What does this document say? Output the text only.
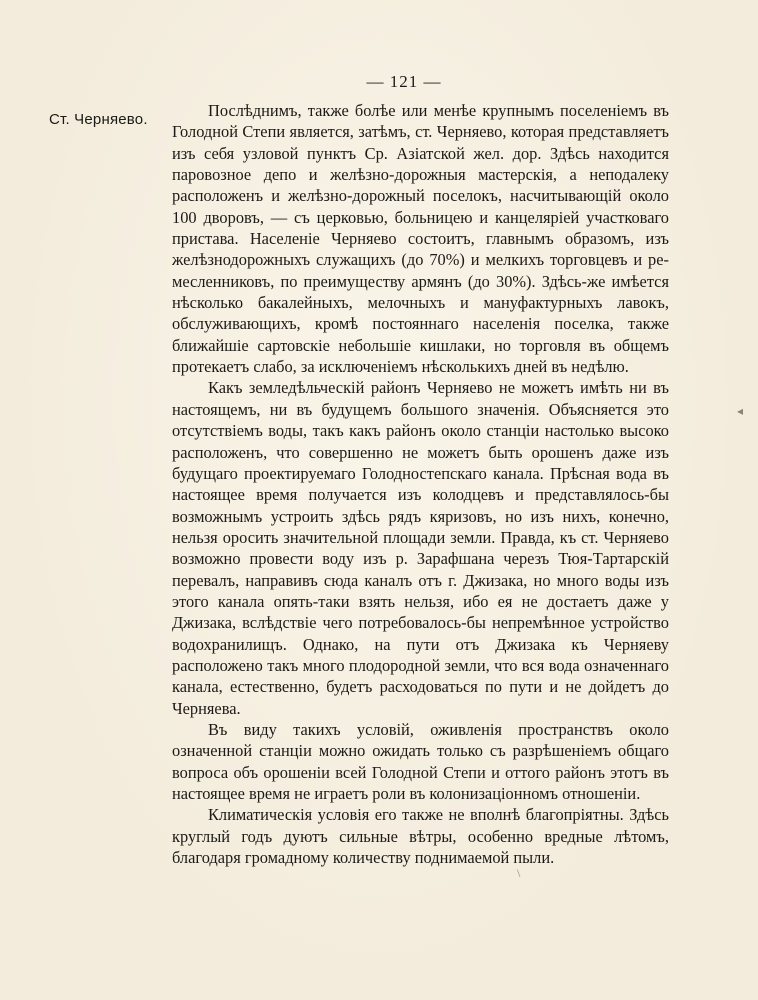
— 121 —
Ст. Черняево.	Послѣднимъ, также болѣе или менѣе крупнымъ поселеніемъ въ Голодной Степи является, затѣмъ, ст. Черняево, которая представляетъ изъ себя узловой пунктъ Ср. Азіатской жел. дор. Здѣсь находится паровозное депо и желѣзно-дорожныя мастерскія, а неподалеку расположенъ и желѣзно-дорожный поселокъ, насчитывающій около 100 дворовъ, — съ церковью, больницею и канцеляріей участковаго пристава. Населеніе Черняево состоитъ, главнымъ образомъ, изъ желѣзнодорожныхъ служащихъ (до 70%) и мелкихъ торговцевъ и ремесленниковъ, по преимуществу армянъ (до 30%). Здѣсь-же имѣется нѣсколько бакалейныхъ, мелочныхъ и мануфактурныхъ лавокъ, обслуживающихъ, кромѣ постояннаго населенія поселка, также ближайшіе сартовскіе небольшіе кишлаки, но торговля въ общемъ протекаетъ слабо, за исключеніемъ нѣсколькихъ дней въ недѣлю.

Какъ земледѣльческій районъ Черняево не можетъ имѣть ни въ настоящемъ, ни въ будущемъ большого значенія. Объясняется это отсутствіемъ воды, такъ какъ районъ около станціи настолько высоко расположенъ, что совершенно не можетъ быть орошенъ даже изъ будущаго проектируемаго Голодностепскаго канала. Прѣсная вода въ настоящее время получается изъ колодцевъ и представлялось-бы возможнымъ устроить здѣсь рядъ кяризовъ, но изъ нихъ, конечно, нельзя оросить значительной площади земли. Правда, къ ст. Черняево возможно провести воду изъ р. Зарафшана черезъ Тюя-Тартарскій перевалъ, направивъ сюда каналъ отъ г. Джизака, но много воды изъ этого канала опять-таки взять нельзя, ибо ея не достаетъ даже у Джизака, вслѣдствіе чего потребовалось-бы непремѣнное устройство водохранилищъ. Однако, на пути отъ Джизака къ Черняеву расположено такъ много плодородной земли, что вся вода означеннаго канала, естественно, будетъ расходоваться по пути и не дойдетъ до Черняева.

Въ виду такихъ условій, оживленія пространствъ около означенной станціи можно ожидать только съ разрѣшеніемъ общаго вопроса объ орошеніи всей Голодной Степи и оттого районъ этотъ въ настоящее время не играетъ роли въ колонизаціонномъ отношеніи.

Климатическія условія его также не вполнѣ благопріятны. Здѣсь круглый годъ дуютъ сильные вѣтры, особенно вредные лѣтомъ, благодаря громадному количеству поднимаемой пыли.

◂
\
